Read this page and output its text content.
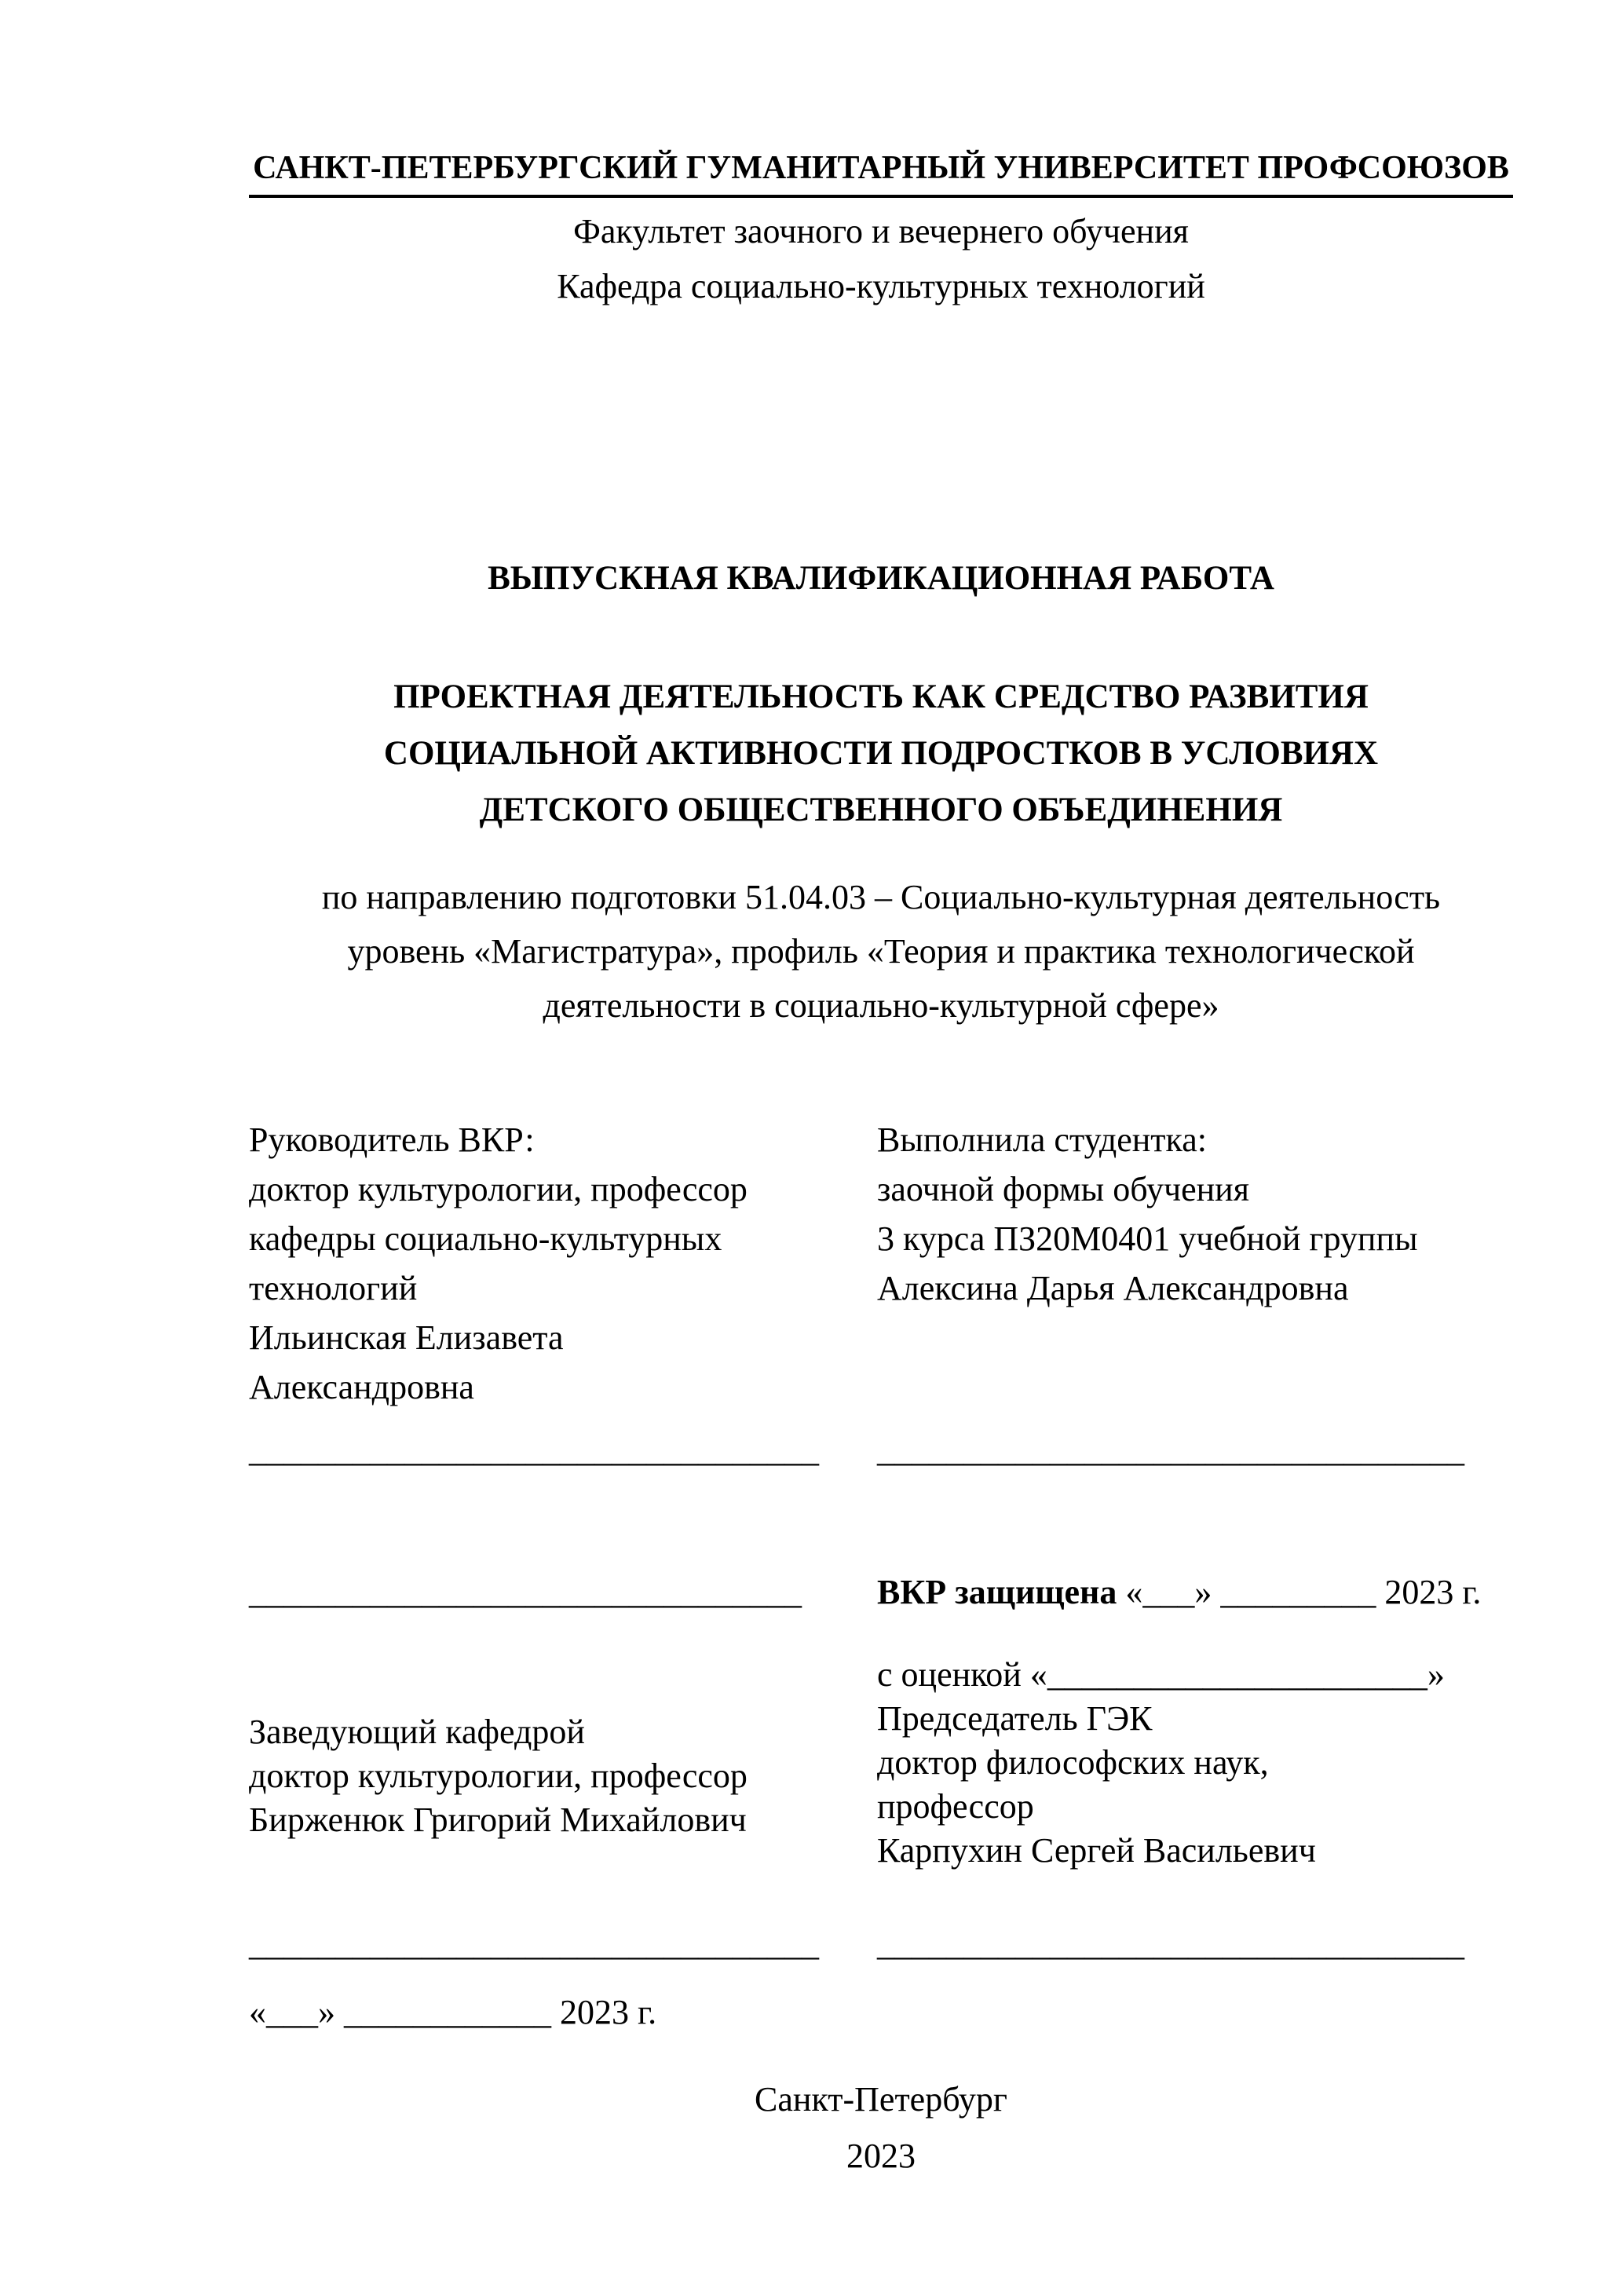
САНКТ-ПЕТЕРБУРГСКИЙ ГУМАНИТАРНЫЙ УНИВЕРСИТЕТ ПРОФСОЮЗОВ
Факультет заочного и вечернего обучения
Кафедра социально-культурных технологий
ВЫПУСКНАЯ КВАЛИФИКАЦИОННАЯ РАБОТА
ПРОЕКТНАЯ ДЕЯТЕЛЬНОСТЬ КАК СРЕДСТВО РАЗВИТИЯ
СОЦИАЛЬНОЙ АКТИВНОСТИ ПОДРОСТКОВ В УСЛОВИЯХ
ДЕТСКОГО ОБЩЕСТВЕННОГО ОБЪЕДИНЕНИЯ
по направлению подготовки 51.04.03 – Социально-культурная деятельность
уровень «Магистратура», профиль «Теория и практика технологической
деятельности в социально-культурной сфере»
Руководитель ВКР:
доктор культурологии, профессор
кафедры социально-культурных
технологий
Ильинская Елизавета
Александровна
_________________________________
Выполнила студентка:
заочной формы обучения
3 курса ПЗ20М0401 учебной группы
Алексина Дарья Александровна
__________________________________
________________________________
Заведующий кафедрой
доктор культурологии, профессор
Бирженюк Григорий Михайлович
_________________________________
«___» ____________ 2023 г.
ВКР защищена «___» _________ 2023 г.
с оценкой «______________________»
Председатель ГЭК
доктор философских наук,
профессор
Карпухин Сергей Васильевич
__________________________________
Санкт-Петербург
2023
